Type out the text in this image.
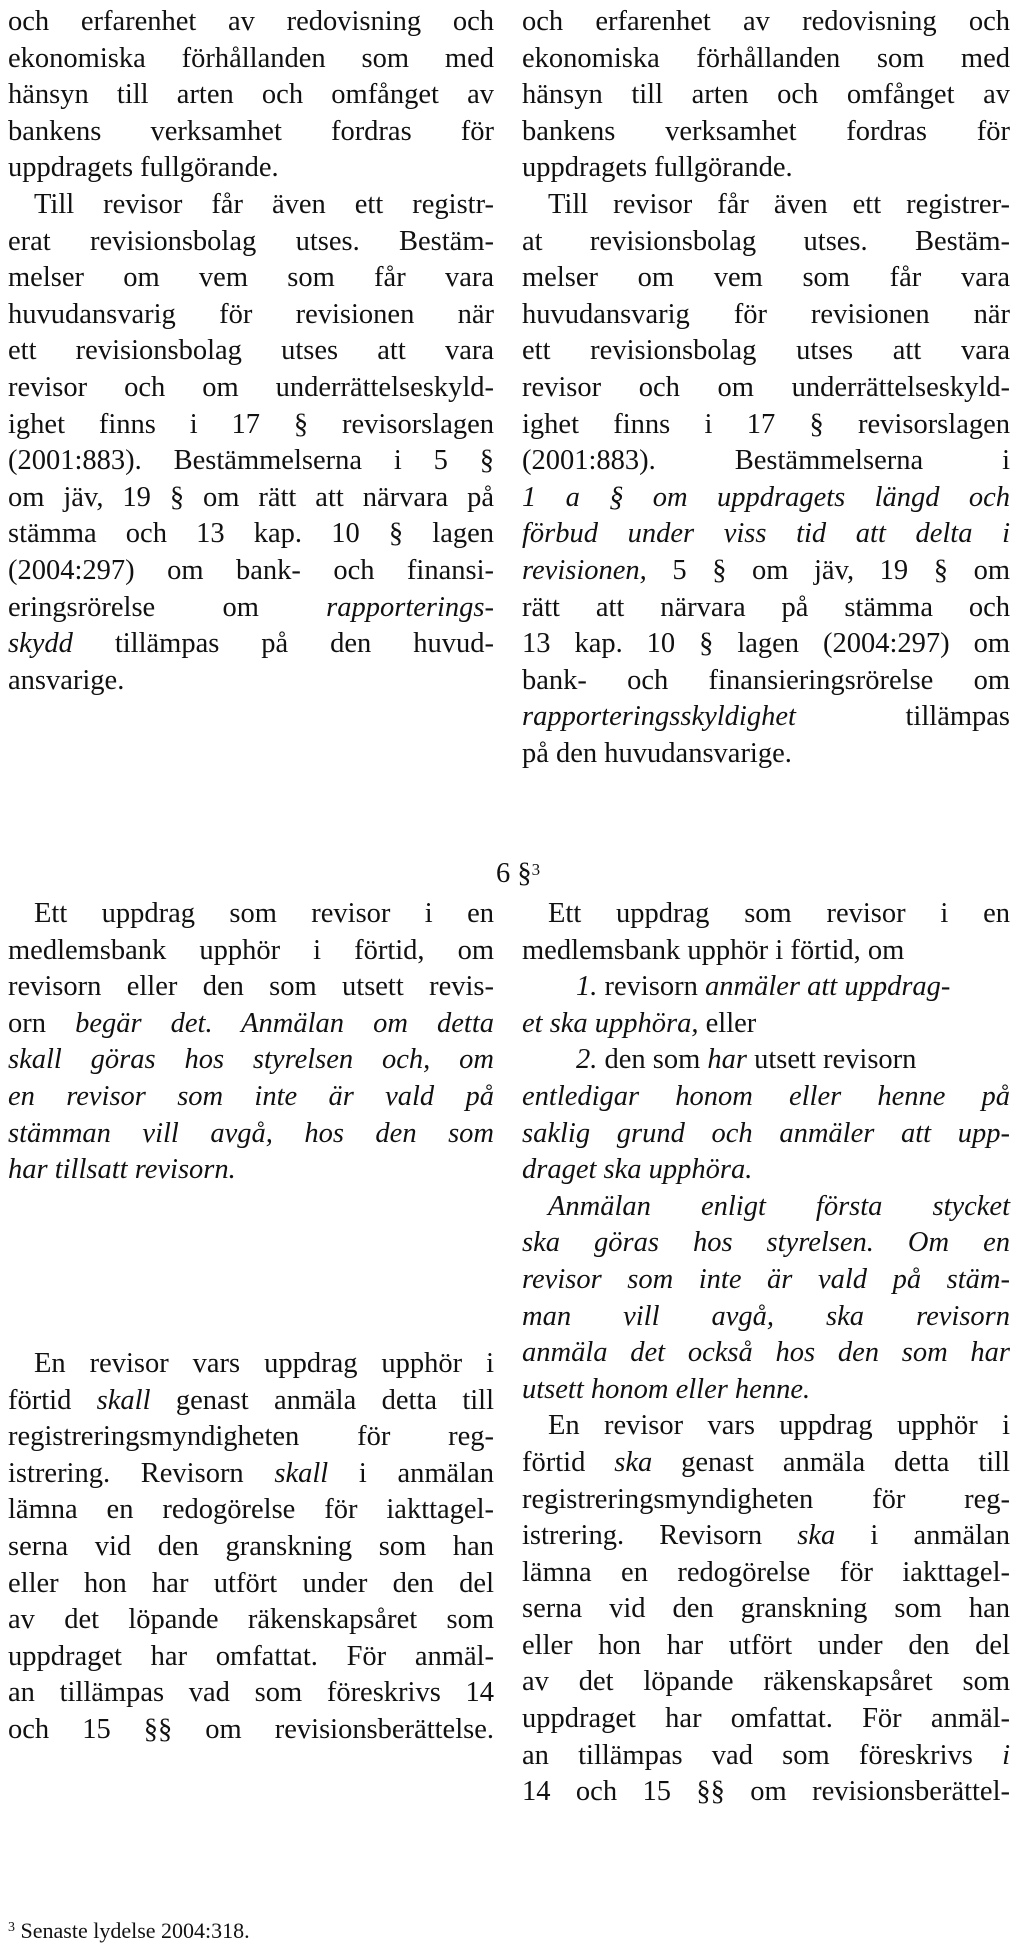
och erfarenhet av redovisning och
ekonomiska förhållanden som med
hänsyn till arten och omfånget av
bankens verksamhet fordras för
uppdragets fullgörande.
Till revisor får även ett registr-
erat revisionsbolag utses. Bestäm-
melser om vem som får vara
huvudansvarig för revisionen när
ett revisionsbolag utses att vara
revisor och om underrättelseskyld-
ighet finns i 17 § revisorslagen
(2001:883). Bestämmelserna i 5 §
om jäv, 19 § om rätt att närvara på
stämma och 13 kap. 10 § lagen
(2004:297) om bank- och finansi-
eringsrörelse om rapporterings-
skydd tillämpas på den huvud-
ansvarige.
Ett uppdrag som revisor i en
medlemsbank upphör i förtid, om
revisorn eller den som utsett revis-
orn begär det. Anmälan om detta
skall göras hos styrelsen och, om
en revisor som inte är vald på
stämman vill avgå, hos den som
har tillsatt revisorn.
En revisor vars uppdrag upphör i
förtid skall genast anmäla detta till
registreringsmyndigheten för reg-
istrering. Revisorn skall i anmälan
lämna en redogörelse för iakttagel-
serna vid den granskning som han
eller hon har utfört under den del
av det löpande räkenskapsåret som
uppdraget har omfattat. För anmäl-
an tillämpas vad som föreskrivs 14
och 15 §§ om revisionsberättelse.
6 §$^3$
och erfarenhet av redovisning och
ekonomiska förhållanden som med
hänsyn till arten och omfånget av
bankens verksamhet fordras för
uppdragets fullgörande.
Till revisor får även ett registrer-
at revisionsbolag utses. Bestäm-
melser om vem som får vara
huvudansvarig för revisionen när
ett revisionsbolag utses att vara
revisor och om underrättelseskyld-
ighet finns i 17 § revisorslagen
(2001:883). Bestämmelserna i
1 a § om uppdragets längd och
förbud under viss tid att delta i
revisionen, 5 § om jäv, 19 § om
rätt att närvara på stämma och
13 kap. 10 § lagen (2004:297) om
bank- och finansieringsrörelse om
rapporteringsskyldighet tillämpas
på den huvudansvarige.
Ett uppdrag som revisor i en
medlemsbank upphör i förtid, om
1. revisorn anmäler att uppdrag-
et ska upphöra, eller
2. den som har utsett revisorn
entledigar honom eller henne på
saklig grund och anmäler att upp-
draget ska upphöra.
Anmälan enligt första stycket
ska göras hos styrelsen. Om en
revisor som inte är vald på stäm-
man vill avgå, ska revisorn
anmäla det också hos den som har
utsett honom eller henne.
En revisor vars uppdrag upphör i
förtid ska genast anmäla detta till
registreringsmyndigheten för reg-
istrering. Revisorn ska i anmälan
lämna en redogörelse för iakttagel-
serna vid den granskning som han
eller hon har utfört under den del
av det löpande räkenskapsåret som
uppdraget har omfattat. För anmäl-
an tillämpas vad som föreskrivs i
14 och 15 §§ om revisionsberättel-
$^3$ Senaste lydelse 2004:318.
